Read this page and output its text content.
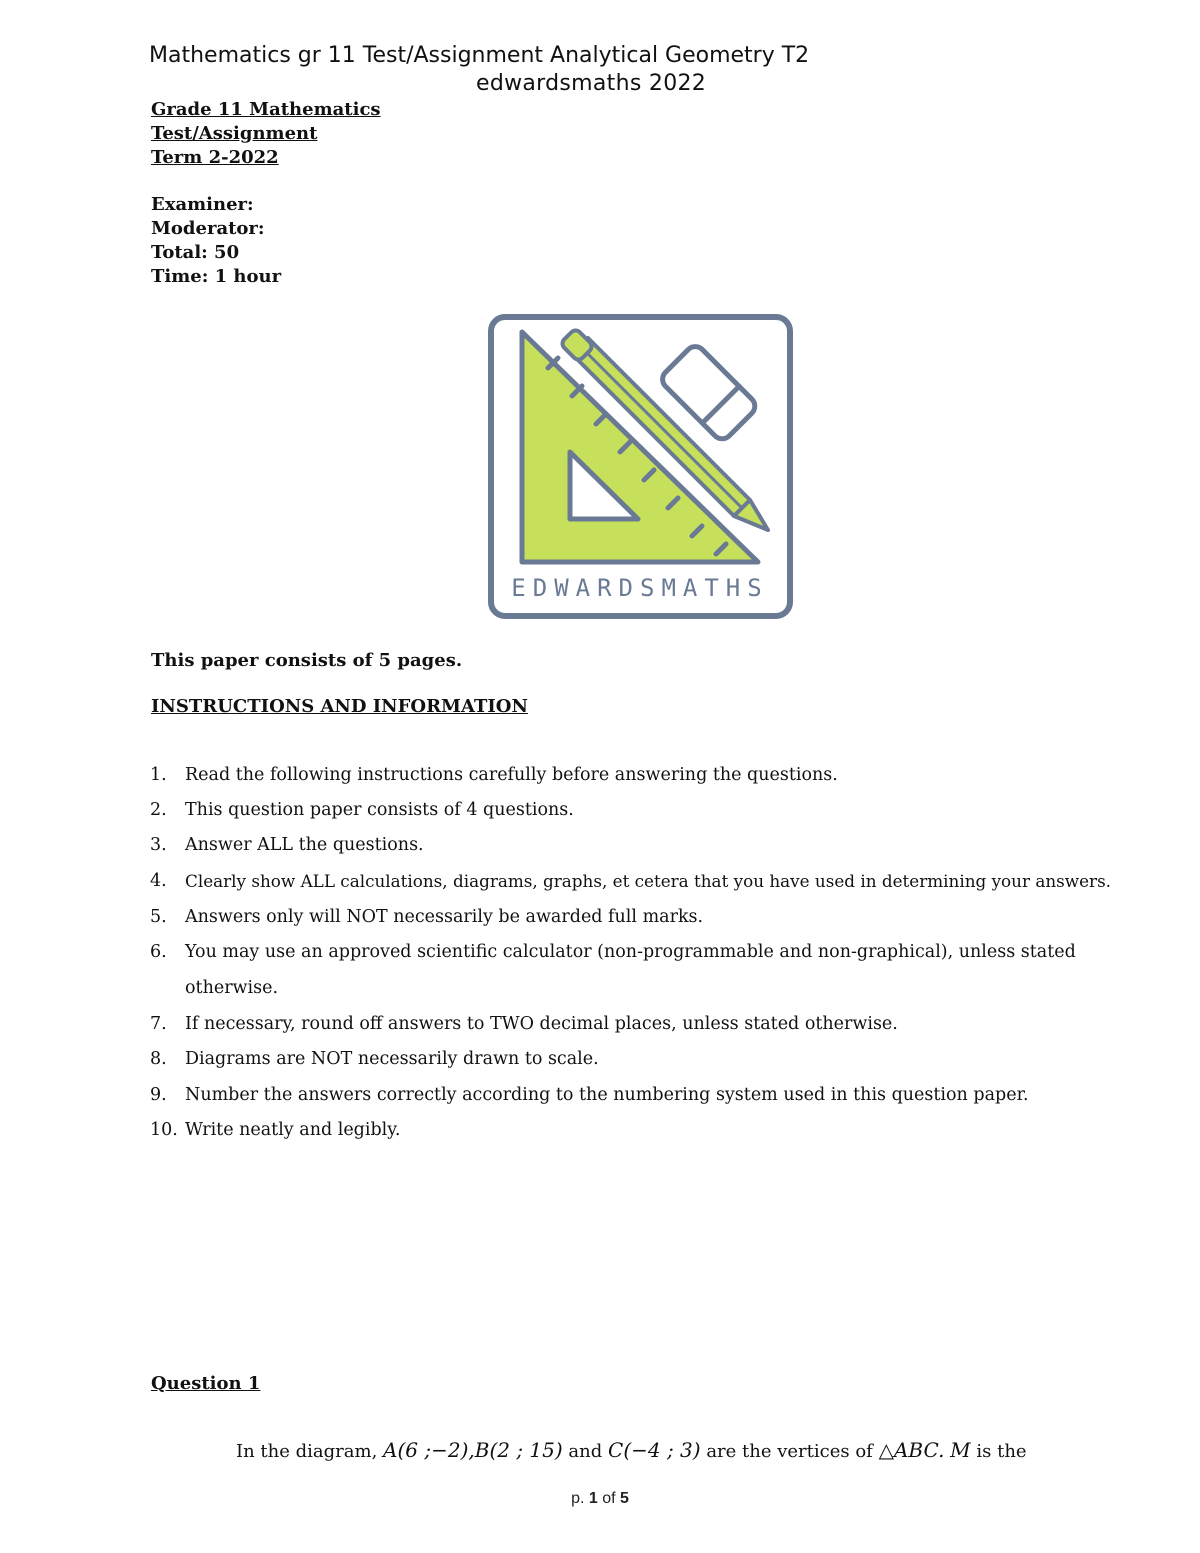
Mathematics gr 11 Test/Assignment Analytical Geometry T2
edwardsmaths 2022
Grade 11 Mathematics
Test/Assignment
Term 2-2022
Examiner:
Moderator:
Total: 50
Time: 1 hour
EDWARDSMATHS
This paper consists of 5 pages.
INSTRUCTIONS AND INFORMATION
1.	Read the following instructions carefully before answering the questions.
2.	This question paper consists of 4 questions.
3.	Answer ALL the questions.
4.	Clearly show ALL calculations, diagrams, graphs, et cetera that you have used in determining your answers.
5.	Answers only will NOT necessarily be awarded full marks.
6.	You may use an approved scientific calculator (non-programmable and non-graphical), unless stated
otherwise.
7.	If necessary, round off answers to TWO decimal places, unless stated otherwise.
8.	Diagrams are NOT necessarily drawn to scale.
9.	Number the answers correctly according to the numbering system used in this question paper.
10. Write neatly and legibly.
Question 1
In the diagram, A(6 ;−2),B(2 ; 15) and C(−4 ; 3) are the vertices of △ABC. M is the
p. 1 of 5
